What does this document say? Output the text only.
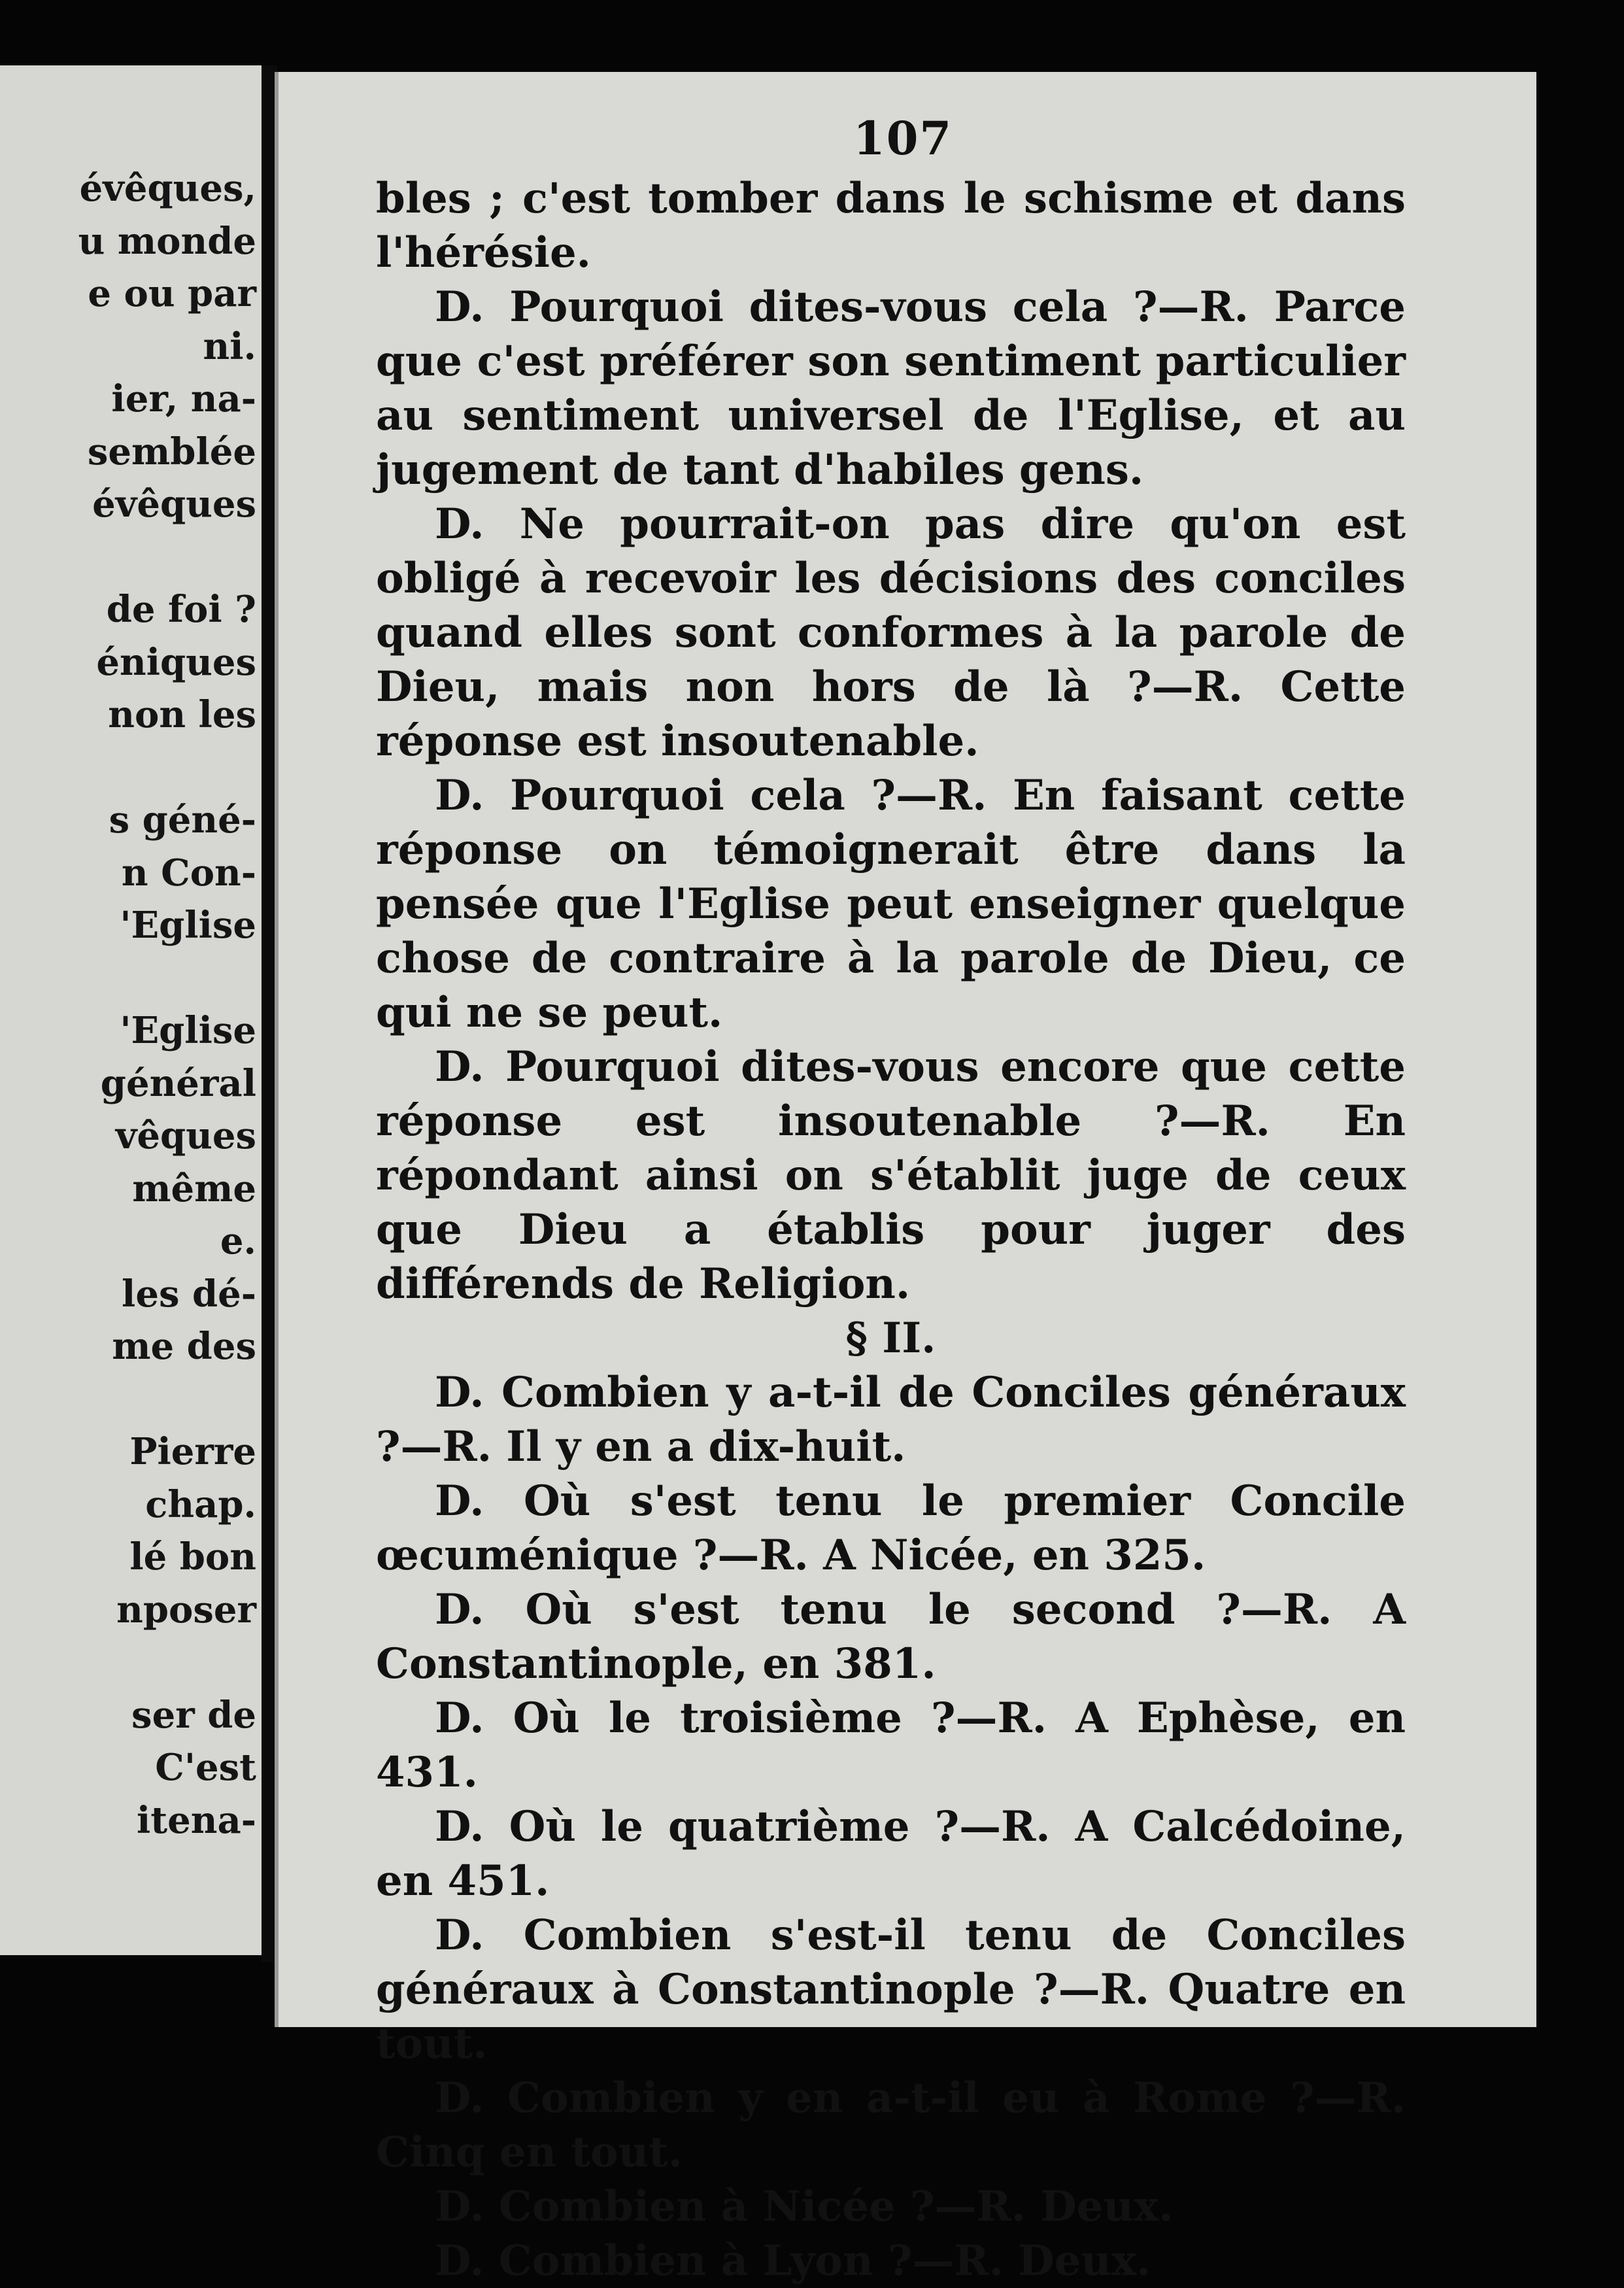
évêques,
u monde
e ou par
ni.
ier, na-
semblée
évêques
de foi ?
éniques
non les
s géné-
n Con-
'Eglise
'Eglise
général
vêques
même
e.
les dé-
me des
Pierre
chap.
lé bon
nposer
ser de
C'est
itena-
107

bles ; c'est tomber dans le schisme et dans l'hérésie.

D. Pourquoi dites-vous cela ?—R. Parce que c'est préférer son sentiment particulier au sentiment universel de l'Eglise, et au jugement de tant d'habiles gens.

D. Ne pourrait-on pas dire qu'on est obligé à recevoir les décisions des conciles quand elles sont conformes à la parole de Dieu, mais non hors de là ?—R. Cette réponse est insoutenable.

D. Pourquoi cela ?—R. En faisant cette réponse on témoignerait être dans la pensée que l'Eglise peut enseigner quelque chose de contraire à la parole de Dieu, ce qui ne se peut.

D. Pourquoi dites-vous encore que cette réponse est insoutenable ?—R. En répondant ainsi on s'établit juge de ceux que Dieu a établis pour juger des différends de Religion.

§ II.

D. Combien y a-t-il de Conciles généraux ?—R. Il y en a dix-huit.

D. Où s'est tenu le premier Concile œcuménique ?—R. A Nicée, en 325.

D. Où s'est tenu le second ?—R. A Constantinople, en 381.

D. Où le troisième ?—R. A Ephèse, en 431.

D. Où le quatrième ?—R. A Calcédoine, en 451.

D. Combien s'est-il tenu de Conciles généraux à Constantinople ?—R. Quatre en tout.

D. Combien y en a-t-il eu à Rome ?—R. Cinq en tout.

D. Combien à Nicée ?—R. Deux.

D. Combien à Lyon ?—R. Deux.
